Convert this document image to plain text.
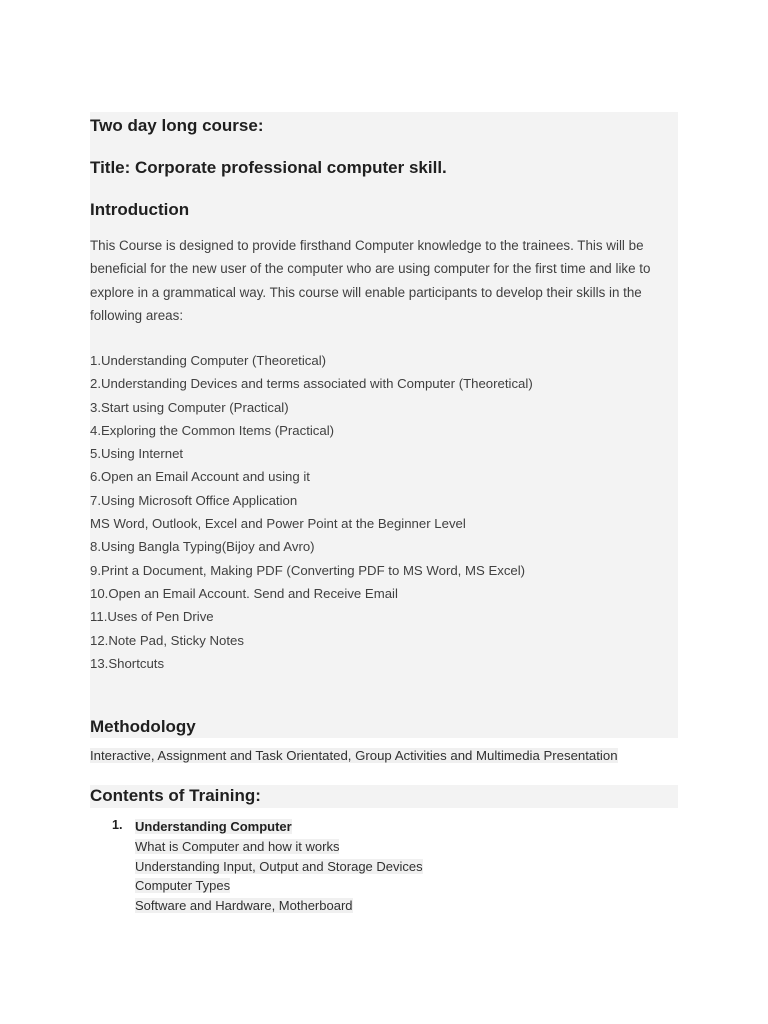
Two day long course:
Title: Corporate professional computer skill.
Introduction
This Course is designed to provide firsthand Computer knowledge to the trainees. This will be beneficial for the new user of the computer who are using computer for the first time and like to explore in a grammatical way. This course will enable participants to develop their skills in the following areas:
1.Understanding Computer (Theoretical)
2.Understanding Devices and terms associated with Computer (Theoretical)
3.Start using Computer (Practical)
4.Exploring the Common Items (Practical)
5.Using Internet
6.Open an Email Account and using it
7.Using Microsoft Office Application
MS Word, Outlook, Excel and Power Point at the Beginner Level
8.Using Bangla Typing(Bijoy and Avro)
9.Print a Document, Making PDF (Converting PDF to MS Word, MS Excel)
10.Open an Email Account. Send and Receive Email
11.Uses of Pen Drive
12.Note Pad, Sticky Notes
13.Shortcuts
Methodology
Interactive, Assignment and Task Orientated, Group Activities and Multimedia Presentation
Contents of Training:
1. Understanding Computer
What is Computer and how it works
Understanding Input, Output and Storage Devices
Computer Types
Software and Hardware, Motherboard
